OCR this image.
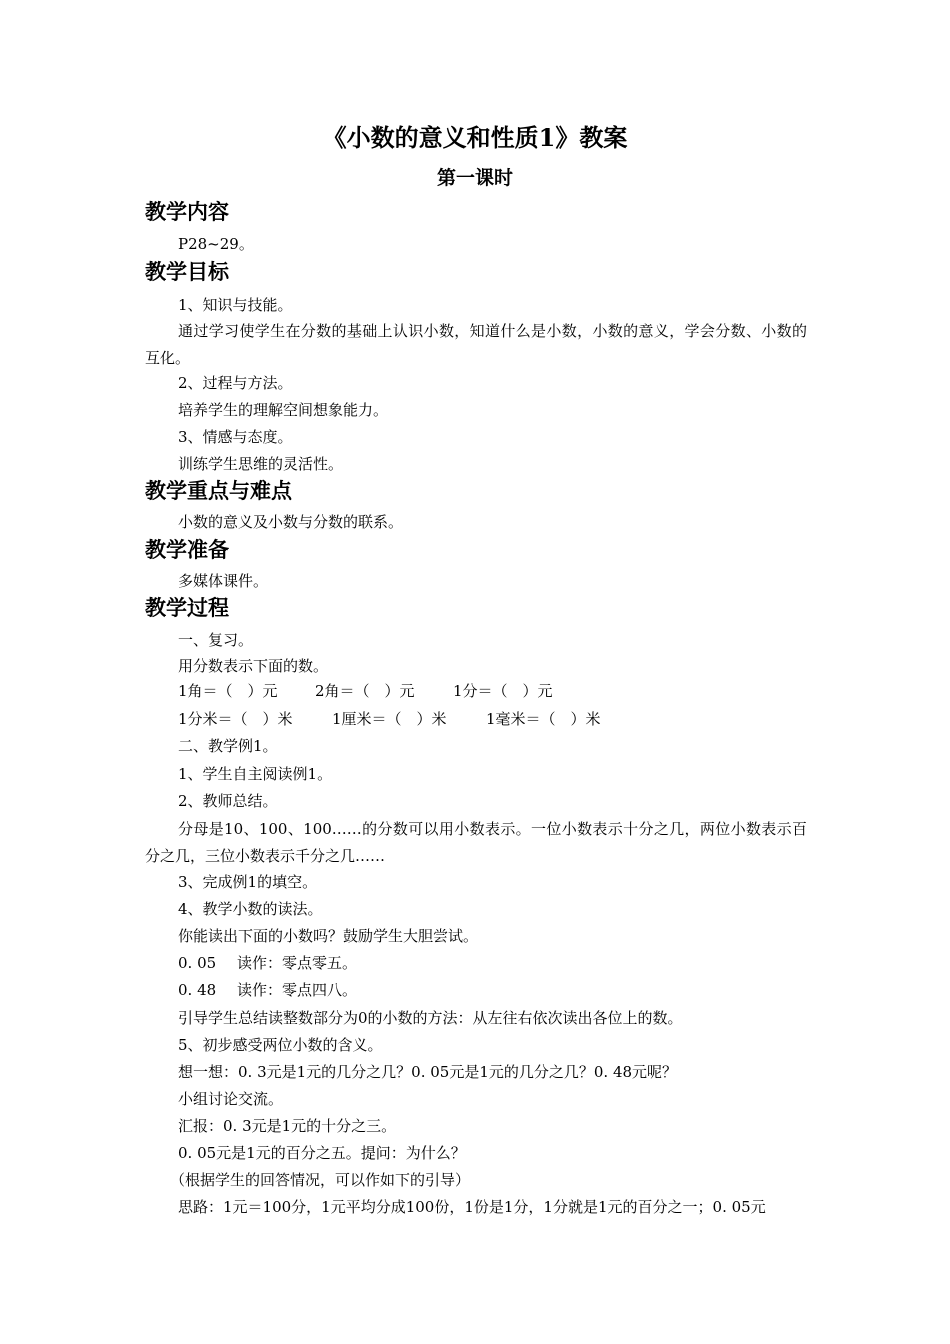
《小数的意义和性质1》教案
第一课时
教学内容
P28~29。
教学目标
1、知识与技能。
通过学习使学生在分数的基础上认识小数，知道什么是小数，小数的意义，学会分数、小数的互化。
2、过程与方法。
培养学生的理解空间想象能力。
3、情感与态度。
训练学生思维的灵活性。
教学重点与难点
小数的意义及小数与分数的联系。
教学准备
多媒体课件。
教学过程
一、复习。
用分数表示下面的数。
1角＝（　）元 2角＝（　）元	1分＝（　）元
1分米＝（　）米	1厘米＝（　）米	1毫米＝（　）米
二、教学例1。
1、学生自主阅读例1。
2、教师总结。
分母是10、100、100……的分数可以用小数表示。一位小数表示十分之几，两位小数表示百分之几，三位小数表示千分之几……
3、完成例1的填空。
4、教学小数的读法。
你能读出下面的小数吗？鼓励学生大胆尝试。
0. 05 读作：零点零五。
0. 48 读作：零点四八。
引导学生总结读整数部分为0的小数的方法：从左往右依次读出各位上的数。
5、初步感受两位小数的含义。
想一想：0. 3元是1元的几分之几？0. 05元是1元的几分之几？0. 48元呢？
小组讨论交流。
汇报：0. 3元是1元的十分之三。
0. 05元是1元的百分之五。提问：为什么？
（根据学生的回答情况，可以作如下的引导）
思路：1元＝100分，1元平均分成100份，1份是1分，1分就是1元的百分之一；0. 05元
